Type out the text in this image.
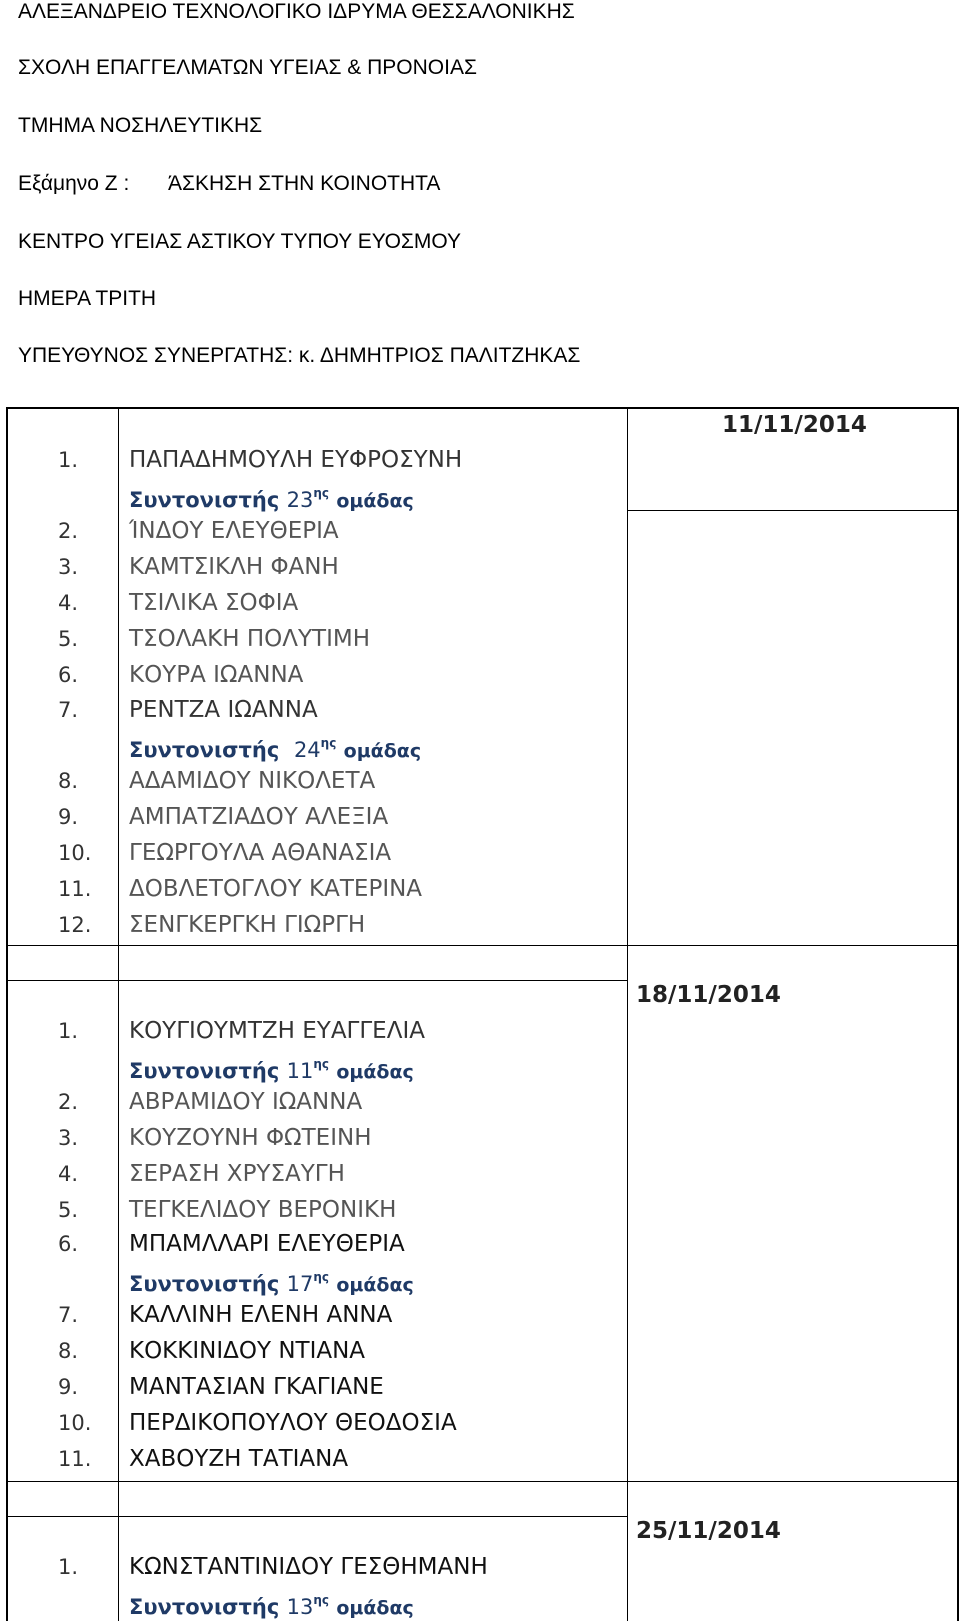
ΑΛΕΞΑΝΔΡΕΙΟ ΤΕΧΝΟΛΟΓΙΚΟ ΙΔΡΥΜΑ ΘΕΣΣΑΛΟΝΙΚΗΣ
ΣΧΟΛΗ ΕΠΑΓΓΕΛΜΑΤΩΝ ΥΓΕΙΑΣ & ΠΡΟΝΟΙΑΣ
ΤΜΗΜΑ ΝΟΣΗΛΕΥΤΙΚΗΣ
Εξάμηνο Ζ : ΆΣΚΗΣΗ ΣΤΗΝ ΚΟΙΝΟΤΗΤΑ
ΚΕΝΤΡΟ ΥΓΕΙΑΣ ΑΣΤΙΚΟΥ ΤΥΠΟΥ ΕΥΟΣΜΟΥ
ΗΜΕΡΑ ΤΡΙΤΗ
ΥΠΕΥΘΥΝΟΣ ΣΥΝΕΡΓΑΤΗΣ: κ. ΔΗΜΗΤΡΙΟΣ ΠΑΛΙΤΖΗΚΑΣ
11/11/2014
1. ΠΑΠΑΔΗΜΟΥΛΗ ΕΥΦΡΟΣΥΝΗ
Συντονιστής $23^{\eta\varsigma}$ ομάδας
2. ΊΝΔΟΥ ΕΛΕΥΘΕΡΙΑ
3. ΚΑΜΤΣΙΚΛΗ ΦΑΝΗ
4. ΤΣΙΛΙΚΑ ΣΟΦΙΑ
5. ΤΣΟΛΑΚΗ ΠΟΛΥΤΙΜΗ
6. ΚΟΥΡΑ ΙΩΑΝΝΑ
7. ΡΕΝΤΖΑ ΙΩΑΝΝΑ
Συντονιστής $24^{\eta\varsigma}$ ομάδας
8. ΑΔΑΜΙΔΟΥ ΝΙΚΟΛΕΤΑ
9. ΑΜΠΑΤΖΙΑΔΟΥ ΑΛΕΞΙΑ
10. ΓΕΩΡΓΟΥΛΑ ΑΘΑΝΑΣΙΑ
11. ΔΟΒΛΕΤΟΓΛΟΥ ΚΑΤΕΡΙΝΑ
12. ΣΕΝΓΚΕΡΓΚΗ ΓΙΩΡΓΗ
18/11/2014
1. ΚΟΥΓΙΟΥΜΤΖΗ ΕΥΑΓΓΕΛΙΑ
Συντονιστής $11^{\eta\varsigma}$ ομάδας
2. ΑΒΡΑΜΙΔΟΥ ΙΩΑΝΝΑ
3. ΚΟΥΖΟΥΝΗ ΦΩΤΕΙΝΗ
4. ΣΕΡΑΣΗ ΧΡΥΣΑΥΓΗ
5. ΤΕΓΚΕΛΙΔΟΥ ΒΕΡΟΝΙΚΗ
6. ΜΠΑΜΛΛΑΡΙ ΕΛΕΥΘΕΡΙΑ
Συντονιστής $17^{\eta\varsigma}$ ομάδας
7. ΚΑΛΛΙΝΗ ΕΛΕΝΗ ΑΝΝΑ
8. ΚΟΚΚΙΝΙΔΟΥ ΝΤΙΑΝΑ
9. ΜΑΝΤΑΣΙΑΝ ΓΚΑΓΙΑΝΕ
10. ΠΕΡΔΙΚΟΠΟΥΛΟΥ ΘΕΟΔΟΣΙΑ
11. ΧΑΒΟΥΖΗ ΤΑΤΙΑΝΑ
25/11/2014
1. ΚΩΝΣΤΑΝΤΙΝΙΔΟΥ ΓΕΣΘΗΜΑΝΗ
Συντονιστής $13^{\eta\varsigma}$ ομάδας
